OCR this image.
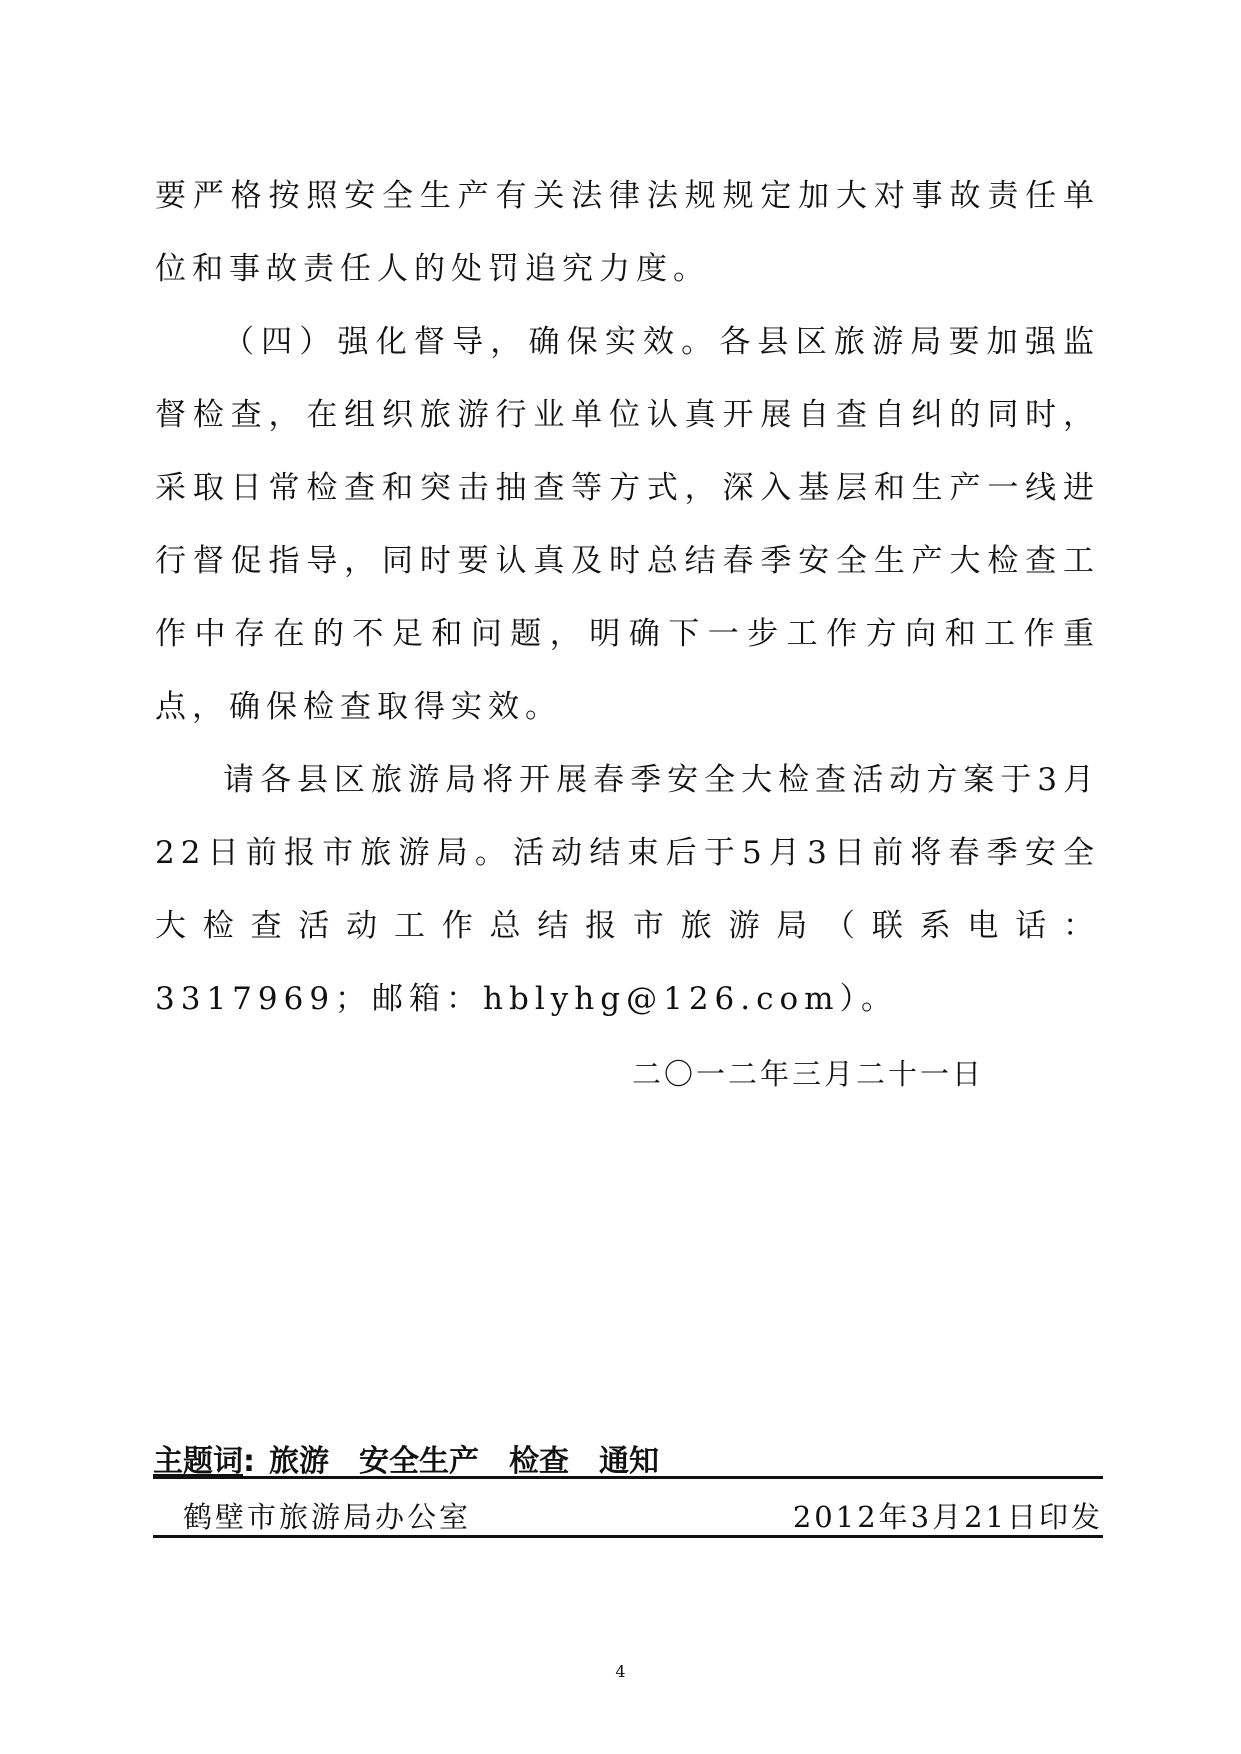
要严格按照安全生产有关法律法规规定加大对事故责任单位和事故责任人的处罚追究力度。

（四）强化督导，确保实效。各县区旅游局要加强监督检查，在组织旅游行业单位认真开展自查自纠的同时，采取日常检查和突击抽查等方式，深入基层和生产一线进行督促指导，同时要认真及时总结春季安全生产大检查工作中存在的不足和问题，明确下一步工作方向和工作重点，确保检查取得实效。

请各县区旅游局将开展春季安全大检查活动方案于3月22日前报市旅游局。活动结束后于5月3日前将春季安全大检查活动工作总结报市旅游局（联系电话：3317969；邮箱：hblyhg@126.com）。

二〇一二年三月二十一日
主题词: 旅游 安全生产 检查 通知
鹤壁市旅游局办公室	2012年3月21日印发
4
